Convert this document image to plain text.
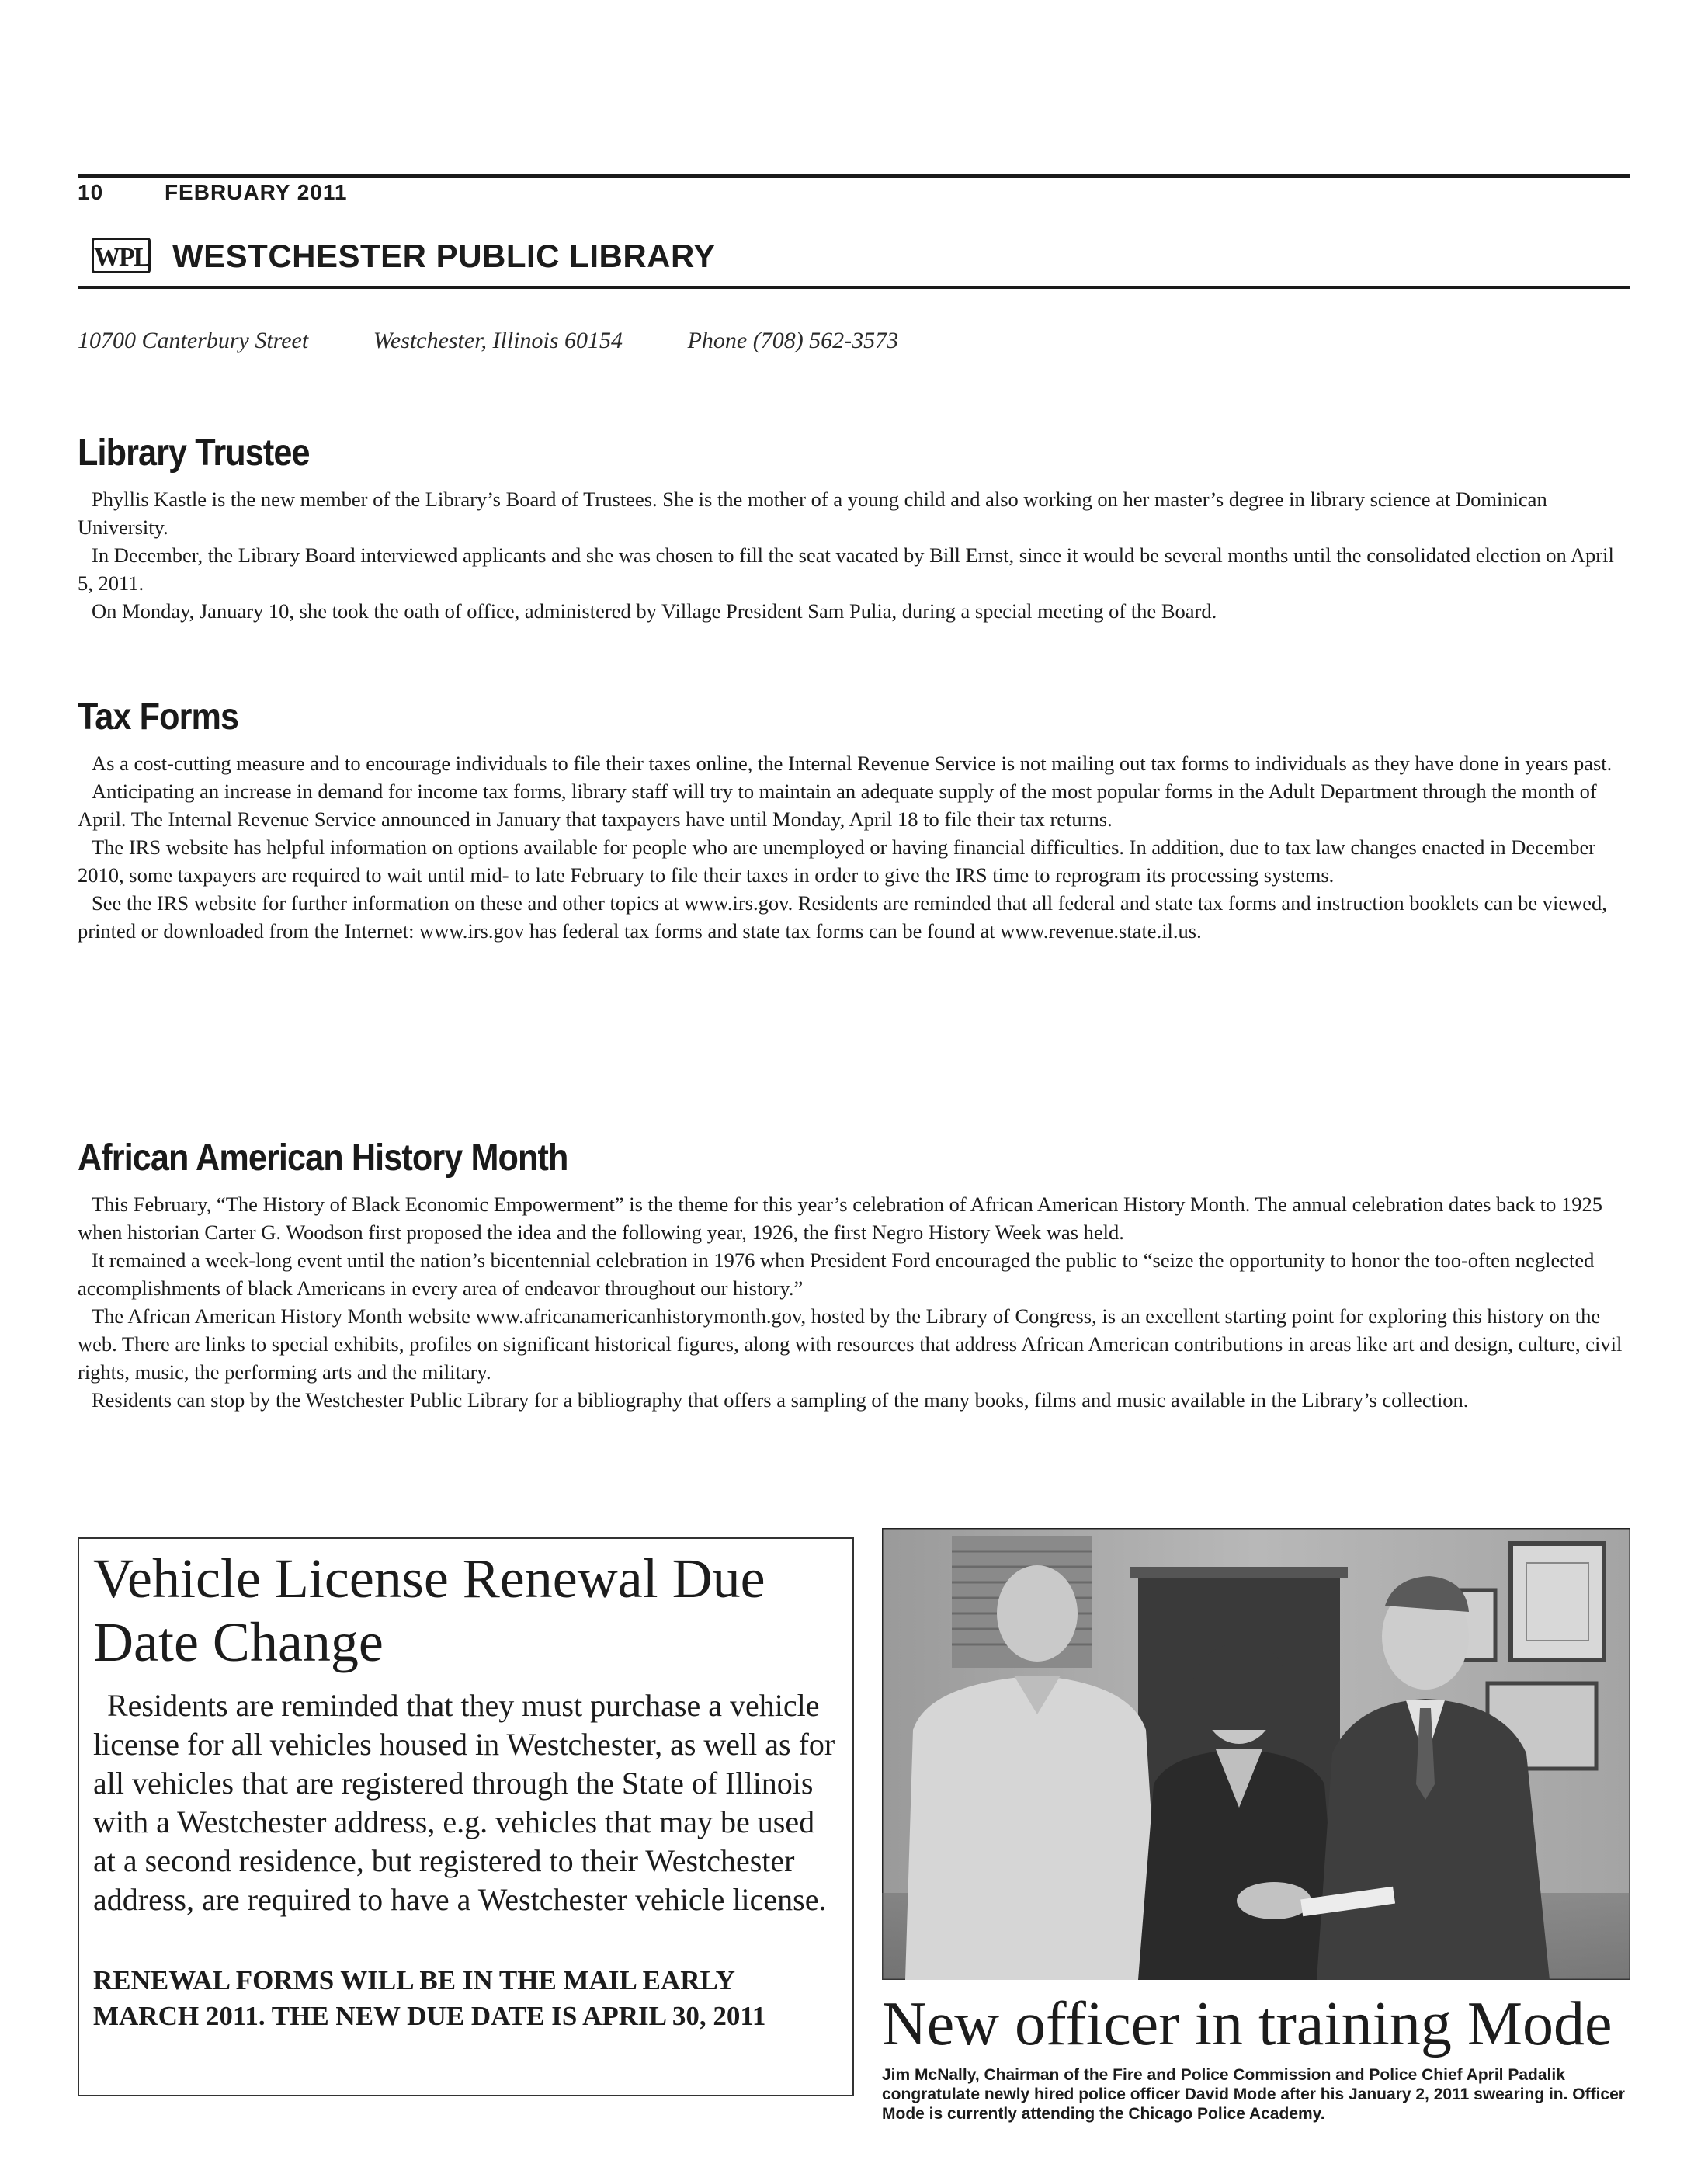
10	FEBRUARY 2011
WPL WESTCHESTER PUBLIC LIBRARY
10700 Canterbury Street	Westchester, Illinois 60154	Phone (708) 562-3573
Library Trustee

Phyllis Kastle is the new member of the Library’s Board of Trustees. She is the mother of a young child and also working on her master’s degree in library science at Dominican University.

In December, the Library Board interviewed applicants and she was chosen to fill the seat vacated by Bill Ernst, since it would be several months until the consolidated election on April 5, 2011.

On Monday, January 10, she took the oath of office, administered by Village President Sam Pulia, during a special meeting of the Board.

Tax Forms

As a cost-cutting measure and to encourage individuals to file their taxes online, the Internal Revenue Service is not mailing out tax forms to individuals as they have done in years past.

Anticipating an increase in demand for income tax forms, library staff will try to maintain an adequate supply of the most popular forms in the Adult Department through the month of April. The Internal Revenue Service announced in January that taxpayers have until Monday, April 18 to file their tax returns.

The IRS website has helpful information on options available for people who are unemployed or having financial difficulties. In addition, due to tax law changes enacted in December 2010, some taxpayers are required to wait until mid- to late February to file their taxes in order to give the IRS time to reprogram its processing systems.

See the IRS website for further information on these and other topics at www.irs.gov. Residents are reminded that all federal and state tax forms and instruction booklets can be viewed, printed or downloaded from the Internet: www.irs.gov has federal tax forms and state tax forms can be found at www.revenue.state.il.us.

African American History Month

This February, “The History of Black Economic Empowerment” is the theme for this year’s celebration of African American History Month. The annual celebration dates back to 1925 when historian Carter G. Woodson first proposed the idea and the following year, 1926, the first Negro History Week was held.

It remained a week-long event until the nation’s bicentennial celebration in 1976 when President Ford encouraged the public to “seize the opportunity to honor the too-often neglected accomplishments of black Americans in every area of endeavor throughout our history.”

The African American History Month website www.africanamericanhistorymonth.gov, hosted by the Library of Congress, is an excellent starting point for exploring this history on the web. There are links to special exhibits, profiles on significant historical figures, along with resources that address African American contributions in areas like art and design, culture, civil rights, music, the performing arts and the military.

Residents can stop by the Westchester Public Library for a bibliography that offers a sampling of the many books, films and music available in the Library’s collection.

Vehicle License Renewal Due Date Change
Residents are reminded that they must purchase a vehicle license for all vehicles housed in Westchester, as well as for all vehicles that are registered through the State of Illinois with a Westchester address, e.g. vehicles that may be used at a second residence, but registered to their Westchester address, are required to have a Westchester vehicle license.
RENEWAL FORMS WILL BE IN THE MAIL EARLY MARCH 2011. THE NEW DUE DATE IS APRIL 30, 2011	New officer in training Mode
Jim McNally, Chairman of the Fire and Police Commission and Police Chief April Padalik congratulate newly hired police officer David Mode after his January 2, 2011 swearing in. Officer Mode is currently attending the Chicago Police Academy.
